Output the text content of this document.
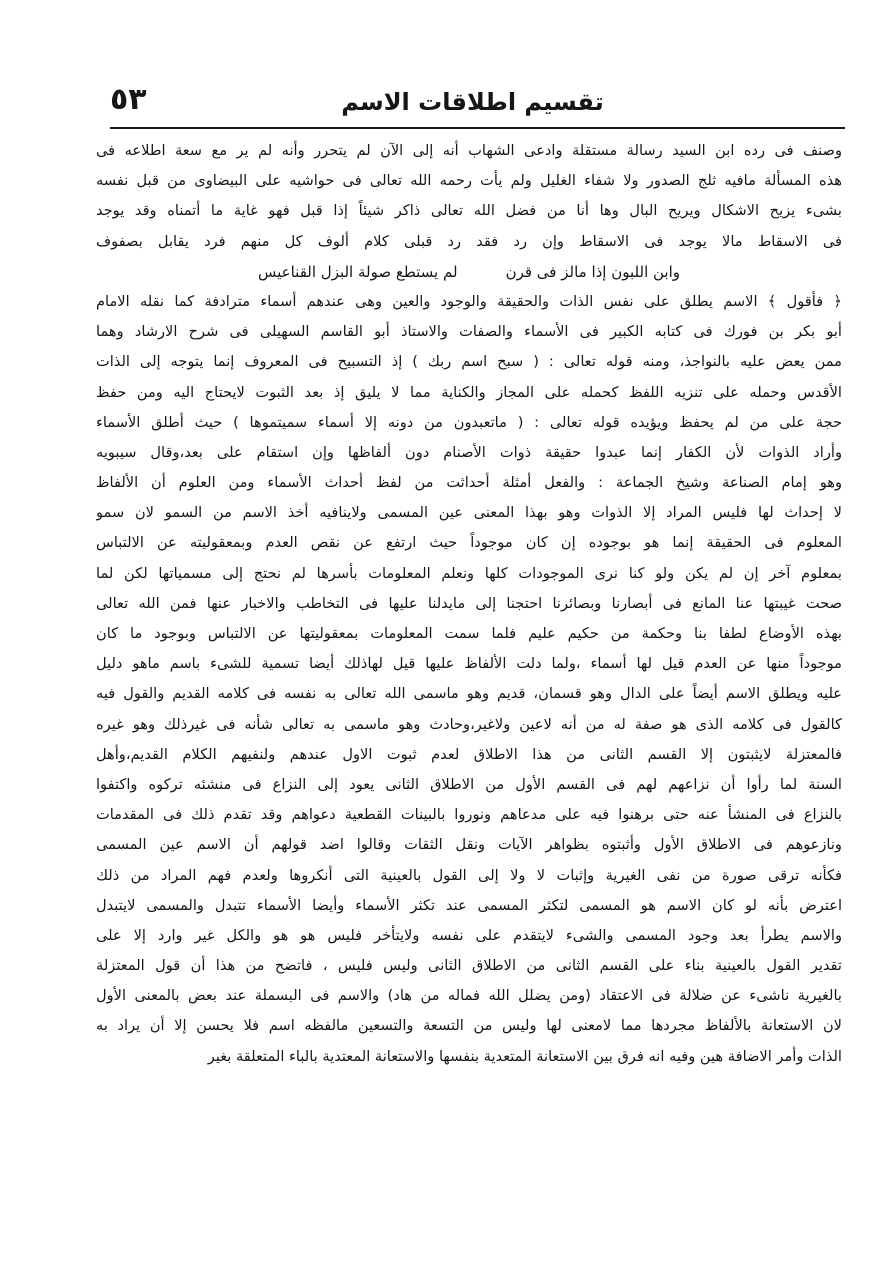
تقسيم اطلاقات الاسم
٥٣
وصنف فى رده ابن السيد رسالة مستقلة وادعى الشهاب أنه إلى الآن لم يتحرر وأنه لم ير مع سعة اطلاعه فى
هذه المسألة مافيه ثلج الصدور ولا شفاء الغليل ولم يأت رحمه الله تعالى فى حواشيه على البيضاوى من قبل نفسه
بشىء يزيح الاشكال ويريح البال وها أنا من فضل الله تعالى ذاكر شيئاً إذا قبل فهو غاية ما أتمناه وقد يوجد
فى الاسقاط مالا يوجد فى الاسقاط وإن رد فقد رد قبلى كلام ألوف كل منهم فرد يقابل بصفوف
وابن اللبون إذا مالز فى قرن
لم يستطع صولة البزل القناعيس
﴿ فأقول ﴾ الاسم يطلق على نفس الذات والحقيقة والوجود والعين وهى عندهم أسماء مترادفة كما نقله الامام
أبو بكر بن فورك فى كتابه الكبير فى الأسماء والصفات والاستاذ أبو القاسم السهيلى فى شرح الارشاد وهما
ممن يعض عليه بالنواجذ، ومنه قوله تعالى : ( سبح اسم ربك ) إذ التسبيح فى المعروف إنما يتوجه إلى الذات
الأقدس وحمله على تنزيه اللفظ كحمله على المجاز والكناية مما لا يليق إذ بعد الثبوت لايحتاج اليه ومن حفظ
حجة على من لم يحفظ ويؤيده قوله تعالى : ( ماتعبدون من دونه إلا أسماء سميتموها ) حيث أطلق الأسماء
وأراد الذوات لأن الكفار إنما عبدوا حقيقة ذوات الأصنام دون ألفاظها وإن استقام على بعد،وقال سيبويه
وهو إمام الصناعة وشيخ الجماعة : والفعل أمثلة أحداثت من لفظ أحداث الأسماء ومن العلوم أن الألفاظ
لا إحداث لها فليس المراد إلا الذوات وهو بهذا المعنى عين المسمى ولاينافيه أخذ الاسم من السمو لان سمو
المعلوم فى الحقيقة إنما هو بوجوده إن كان موجوداً حيث ارتفع عن نقص العدم وبمعقوليته عن الالتباس
بمعلوم آخر إن لم يكن ولو كنا نرى الموجودات كلها ونعلم المعلومات بأسرها لم نحتج إلى مسمياتها لكن لما
صحت غيبتها عنا المانع فى أبصارنا وبصائرنا احتجنا إلى مايدلنا عليها فى التخاطب والاخبار عنها فمن الله تعالى
بهذه الأوضاع لطفا بنا وحكمة من حكيم عليم فلما سمت المعلومات بمعقوليتها عن الالتباس وبوجود ما كان
موجوداً منها عن العدم قيل لها أسماء ،ولما دلت الألفاظ عليها قيل لهاذلك أيضا تسمية للشىء باسم ماهو دليل
عليه ويطلق الاسم أيضاً على الدال وهو قسمان، قديم وهو ماسمى الله تعالى به نفسه فى كلامه القديم والقول فيه
كالقول فى كلامه الذى هو صفة له من أنه لاعين ولاغير،وحادث وهو ماسمى به تعالى شأنه فى غيرذلك وهو غيره
فالمعتزلة لايثبتون إلا القسم الثانى من هذا الاطلاق لعدم ثبوت الاول عندهم ولنفيهم الكلام القديم،وأهل
السنة لما رأوا أن نزاعهم لهم فى القسم الأول من الاطلاق الثانى يعود إلى النزاع فى منشئه تركوه واكتفوا
بالنزاع فى المنشأ عنه حتى برهنوا فيه على مدعاهم ونوروا بالبينات القطعية دعواهم وقد تقدم ذلك فى المقدمات
ونازعوهم فى الاطلاق الأول وأثبتوه بظواهر الآيات ونقل الثقات وقالوا اضد قولهم أن الاسم عين المسمى
فكأنه ترقى صورة من نفى الغيرية وإثبات لا ولا إلى القول بالعينية التى أنكروها ولعدم فهم المراد من ذلك
اعترض بأنه لو كان الاسم هو المسمى لتكثر المسمى عند تكثر الأسماء وأيضا الأسماء تتبدل والمسمى لايتبدل
والاسم يطرأ بعد وجود المسمى والشىء لايتقدم على نفسه ولايتأخر فليس هو هو والكل غير وارد إلا على
تقدير القول بالعينية بناء على القسم الثانى من الاطلاق الثانى وليس فليس ، فاتضح من هذا أن قول المعتزلة
بالغيرية ناشىء عن ضلالة فى الاعتقاد (ومن يضلل الله فماله من هاد) والاسم فى البسملة عند بعض بالمعنى الأول
لان الاستعانة بالألفاظ مجردها مما لامعنى لها وليس من التسعة والتسعين مالفظه اسم فلا يحسن إلا أن يراد به
الذات وأمر الاضافة هين وفيه انه فرق بين الاستعانة المتعدية بنفسها والاستعانة المعتدية بالباء المتعلقة بغير
